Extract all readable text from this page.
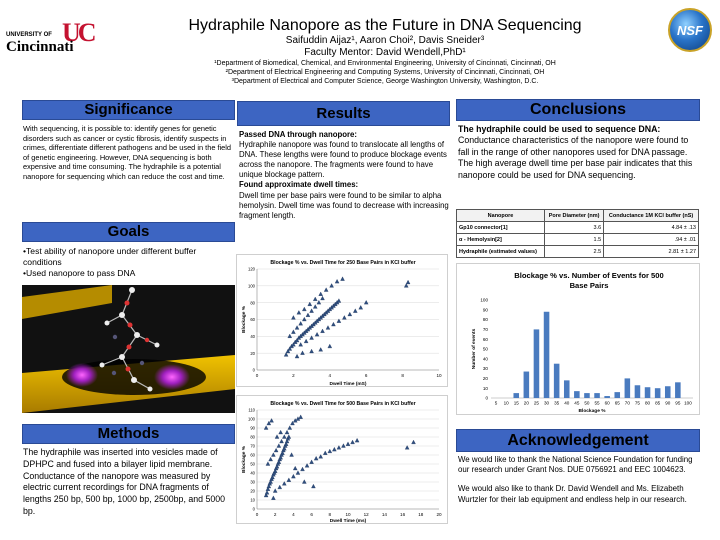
UC
UNIVERSITY OF
Cincinnati
NSF
Hydraphile Nanopore as the Future in DNA Sequencing
Saifuddin Aijaz¹, Aaron Choi², Davis Sneider³
Faculty Mentor: David Wendell,PhD¹
¹Department of Biomedical, Chemical, and Environmental Engineering, University of Cincinnati, Cincinnati, OH
²Department of Electrical Engineering and Computing Systems, University of Cincinnati, Cincinnati, OH
³Department of Electrical and Computer Science, George Washington University, Washington, D.C.
Significance
With sequencing, it is possible to: identify genes for genetic disorders such as cancer or cystic fibrosis, identify suspects in crimes, differentiate different pathogens and be used in the field of genetic engineering. However, DNA sequencing is both expensive and time consuming. The hydraphile is a potential nanopore for sequencing which can reduce the cost and time.
Goals
•Test ability of nanopore under different buffer conditions
•Used nanopore to pass DNA
Methods
The hydraphile was inserted into vesicles made of DPHPC and fused into a bilayer lipid membrane. Conductance of the nanopore was measured by electric current recordings for DNA fragments of lengths 250 bp, 500 bp, 1000 bp, 2500bp, and 5000 bp.
Results
Passed DNA through nanopore:
Hydraphile nanopore was found to translocate all lengths of DNA. These lengths were found to produce blockage events across the nanopore. The fragments were found to have unique blockage pattern.
Found approximate dwell times:
Dwell time per base pairs were found to be similar to alpha hemolysin. Dwell time was found to decrease with increasing fragment length.
Blockage % vs. Dwell Time for 250 Base Pairs in KCl buffer
0
20
40
60
80
100
120
0	2	4	6	8	10
Dwell Time (mS)
Blockage %
Blockage % vs. Dwell Time for 500 Base Pairs in KCl buffer
0
10
20
30
40
50
60
70
80
90
100
110
0	2	4	6	8	10	12	14	16	18	20
Dwell Time (ms)
Blockage %
Conclusions
The hydraphile could be used to sequence DNA:
Conductance characteristics of the nanopore were found to fall in the range of other nanopores used for DNA passage. The high average dwell time per base pair indicates that this nanopore could be used for DNA sequencing.
Nanopore	Pore Diameter (nm)	Conductance 1M KCl buffer (nS)
Gp10 connector[1]	3.6	4.84 ± .13
α - Hemolysin[2]	1.5	.94 ± .01
Hydraphile (estimated values)	2.5	2.81 ± 1.27
Blockage % vs. Number of Events for 500
Base Pairs
0
10
20
30
40
50
60
70
80
90
100
5 10 15 20 25 30 35 40 45 50 55 60 65 70 75 80 85 90 95 100
Blockage %
Number of events
Acknowledgement
We would like to thank the National Science Foundation for funding our research under Grant Nos. DUE 0756921 and EEC 1004623.
We would also like to thank Dr. David Wendell and Ms. Elizabeth Wurtzler for their lab equipment and endless help in our research.
